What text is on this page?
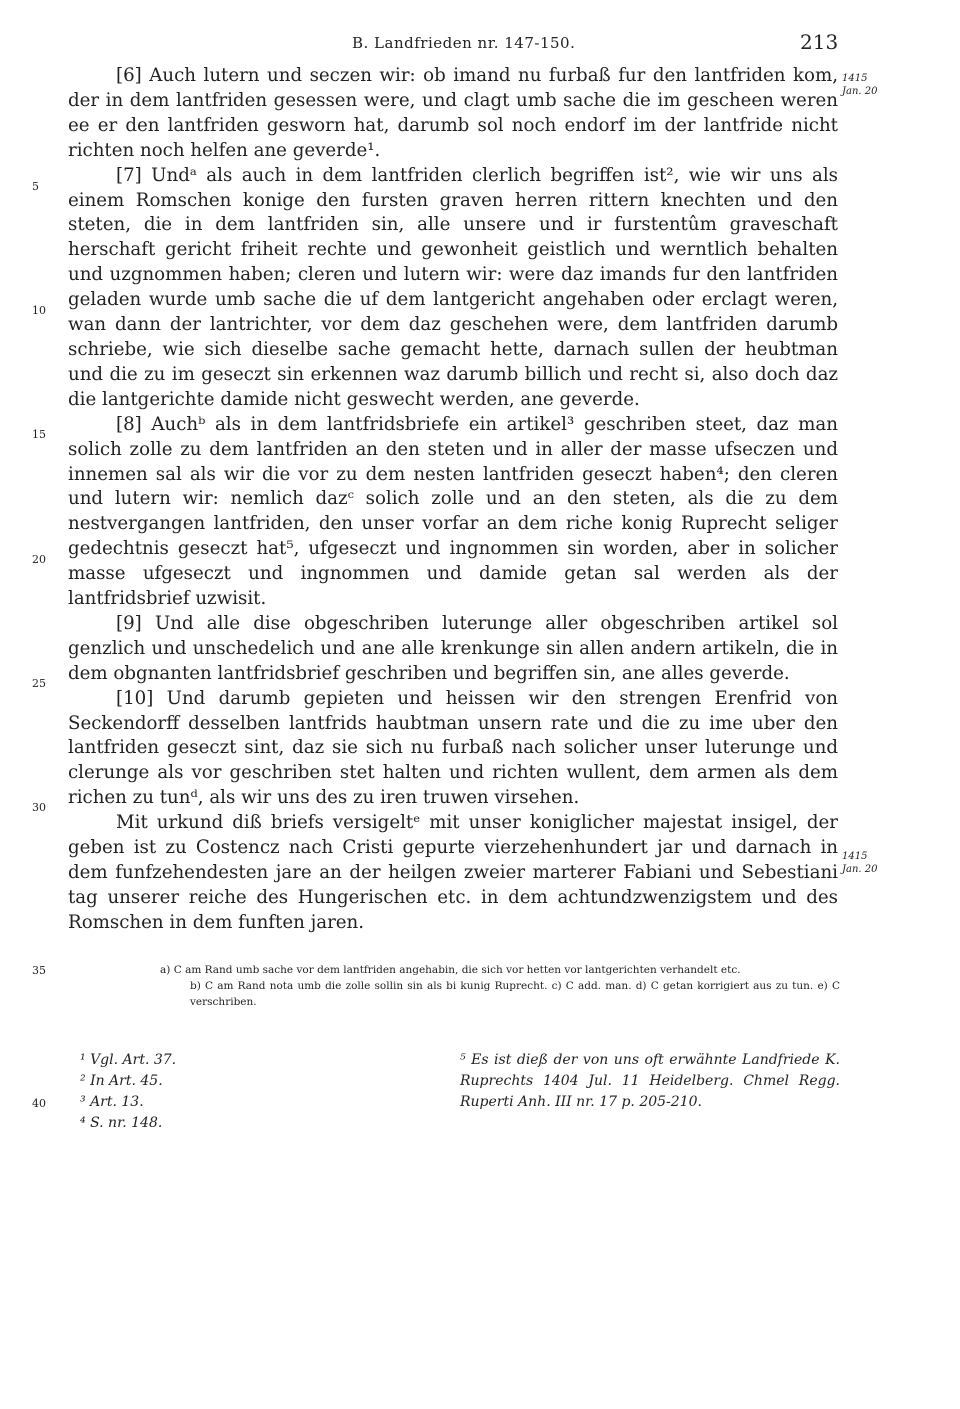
B. Landfrieden nr. 147-150.	213
1415
Jan. 20
1415
Jan. 20
5
10
15
20
25
30
35
40

[6] Auch lutern und seczen wir: ob imand nu furbaß fur den lantfriden kom, der in dem lantfriden gesessen were, und clagt umb sache die im gescheen weren ee er den lantfriden gesworn hat, darumb sol noch endorf im der lantfride nicht richten noch helfen ane geverde¹.

[7] Undᵃ als auch in dem lantfriden clerlich begriffen ist², wie wir uns als einem Romschen konige den fursten graven herren rittern knechten und den steten, die in dem lantfriden sin, alle unsere und ir furstentûm graveschaft herschaft gericht friheit rechte und gewonheit geistlich und werntlich behalten und uzgnommen haben; cleren und lutern wir: were daz imands fur den lantfriden geladen wurde umb sache die uf dem lantgericht angehaben oder erclagt weren, wan dann der lantrichter, vor dem daz geschehen were, dem lantfriden darumb schriebe, wie sich dieselbe sache gemacht hette, darnach sullen der heubtman und die zu im geseczt sin erkennen waz darumb billich und recht si, also doch daz die lantgerichte damide nicht geswecht werden, ane geverde.

[8] Auchᵇ als in dem lantfridsbriefe ein artikel³ geschriben steet, daz man solich zolle zu dem lantfriden an den steten und in aller der masse ufseczen und innemen sal als wir die vor zu dem nesten lantfriden geseczt haben⁴; den cleren und lutern wir: nemlich dazᶜ solich zolle und an den steten, als die zu dem nestvergangen lantfriden, den unser vorfar an dem riche konig Ruprecht seliger gedechtnis geseczt hat⁵, ufgeseczt und ingnommen sin worden, aber in solicher masse ufgeseczt und ingnommen und damide getan sal werden als der lantfridsbrief uzwisit.

[9] Und alle dise obgeschriben luterunge aller obgeschriben artikel sol genzlich und unschedelich und ane alle krenkunge sin allen andern artikeln, die in dem obgnanten lantfridsbrief geschriben und begriffen sin, ane alles geverde.

[10] Und darumb gepieten und heissen wir den strengen Erenfrid von Seckendorff desselben lantfrids haubtman unsern rate und die zu ime uber den lantfriden geseczt sint, daz sie sich nu furbaß nach solicher unser luterunge und clerunge als vor geschriben stet halten und richten wullent, dem armen als dem richen zu tunᵈ, als wir uns des zu iren truwen virsehen.

Mit urkund diß briefs versigeltᵉ mit unser koniglicher majestat insigel, der geben ist zu Costencz nach Cristi gepurte vierzehenhundert jar und darnach in dem funfzehendesten jare an der heilgen zweier marterer Fabiani und Sebestiani tag unserer reiche des Hungerischen etc. in dem achtundzwenzigstem und des Romschen in dem funften jaren.

a) C am Rand umb sache vor dem lantfriden angehabin, die sich vor hetten vor lantgerichten verhandelt etc.

b) C am Rand nota umb die zolle sollin sin als bi kunig Ruprecht. c) C add. man. d) C getan korrigiert aus zu tun. e) C verschriben.

¹ Vgl. Art. 37.

² In Art. 45.

³ Art. 13.

⁴ S. nr. 148.

⁵ Es ist dieß der von uns oft erwähnte Landfriede K. Ruprechts 1404 Jul. 11 Heidelberg. Chmel Regg. Ruperti Anh. III nr. 17 p. 205-210.
